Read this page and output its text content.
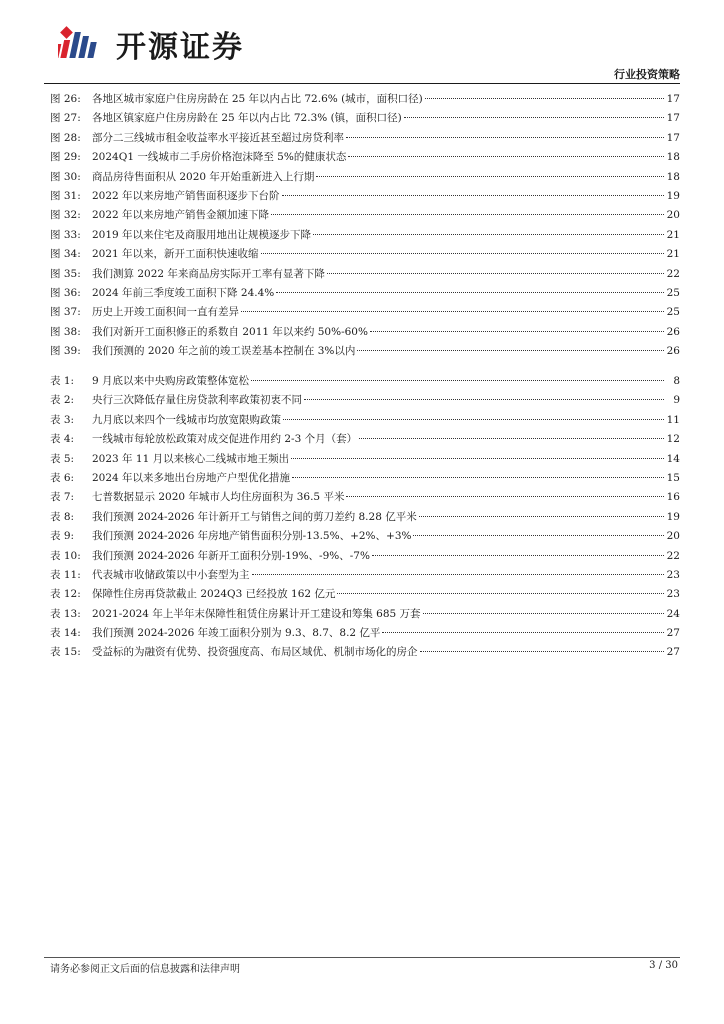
开源证券
行业投资策略
图 26:	各地区城市家庭户住房房龄在 25 年以内占比 72.6% (城市，面积口径)	17
图 27:	各地区镇家庭户住房房龄在 25 年以内占比 72.3% (镇，面积口径)	17
图 28:	部分二三线城市租金收益率水平接近甚至超过房贷利率	17
图 29:	2024Q1 一线城市二手房价格泡沫降至 5%的健康状态	18
图 30:	商品房待售面积从 2020 年开始重新进入上行期	18
图 31:	2022 年以来房地产销售面积逐步下台阶	19
图 32:	2022 年以来房地产销售金额加速下降	20
图 33:	2019 年以来住宅及商服用地出让规模逐步下降	21
图 34:	2021 年以来，新开工面积快速收缩	21
图 35:	我们测算 2022 年来商品房实际开工率有显著下降	22
图 36:	2024 年前三季度竣工面积下降 24.4%	25
图 37:	历史上开竣工面积间一直有差异	25
图 38:	我们对新开工面积修正的系数自 2011 年以来约 50%-60%	26
图 39:	我们预测的 2020 年之前的竣工误差基本控制在 3%以内	26
表 1:	9 月底以来中央购房政策整体宽松	8
表 2:	央行三次降低存量住房贷款利率政策初衷不同	9
表 3:	九月底以来四个一线城市均放宽限购政策	11
表 4:	一线城市每轮放松政策对成交促进作用约 2-3 个月（套）	12
表 5:	2023 年 11 月以来核心二线城市地王频出	14
表 6:	2024 年以来多地出台房地产户型优化措施	15
表 7:	七普数据显示 2020 年城市人均住房面积为 36.5 平米	16
表 8:	我们预测 2024-2026 年计新开工与销售之间的剪刀差约 8.28 亿平米	19
表 9:	我们预测 2024-2026 年房地产销售面积分别-13.5%、+2%、+3%	20
表 10:	我们预测 2024-2026 年新开工面积分别-19%、-9%、-7%	22
表 11:	代表城市收储政策以中小套型为主	23
表 12:	保障性住房再贷款截止 2024Q3 已经投放 162 亿元	23
表 13:	2021-2024 年上半年末保障性租赁住房累计开工建设和筹集 685 万套	24
表 14:	我们预测 2024-2026 年竣工面积分别为 9.3、8.7、8.2 亿平	27
表 15:	受益标的为融资有优势、投资强度高、布局区域优、机制市场化的房企	27
请务必参阅正文后面的信息披露和法律声明	3 / 30
